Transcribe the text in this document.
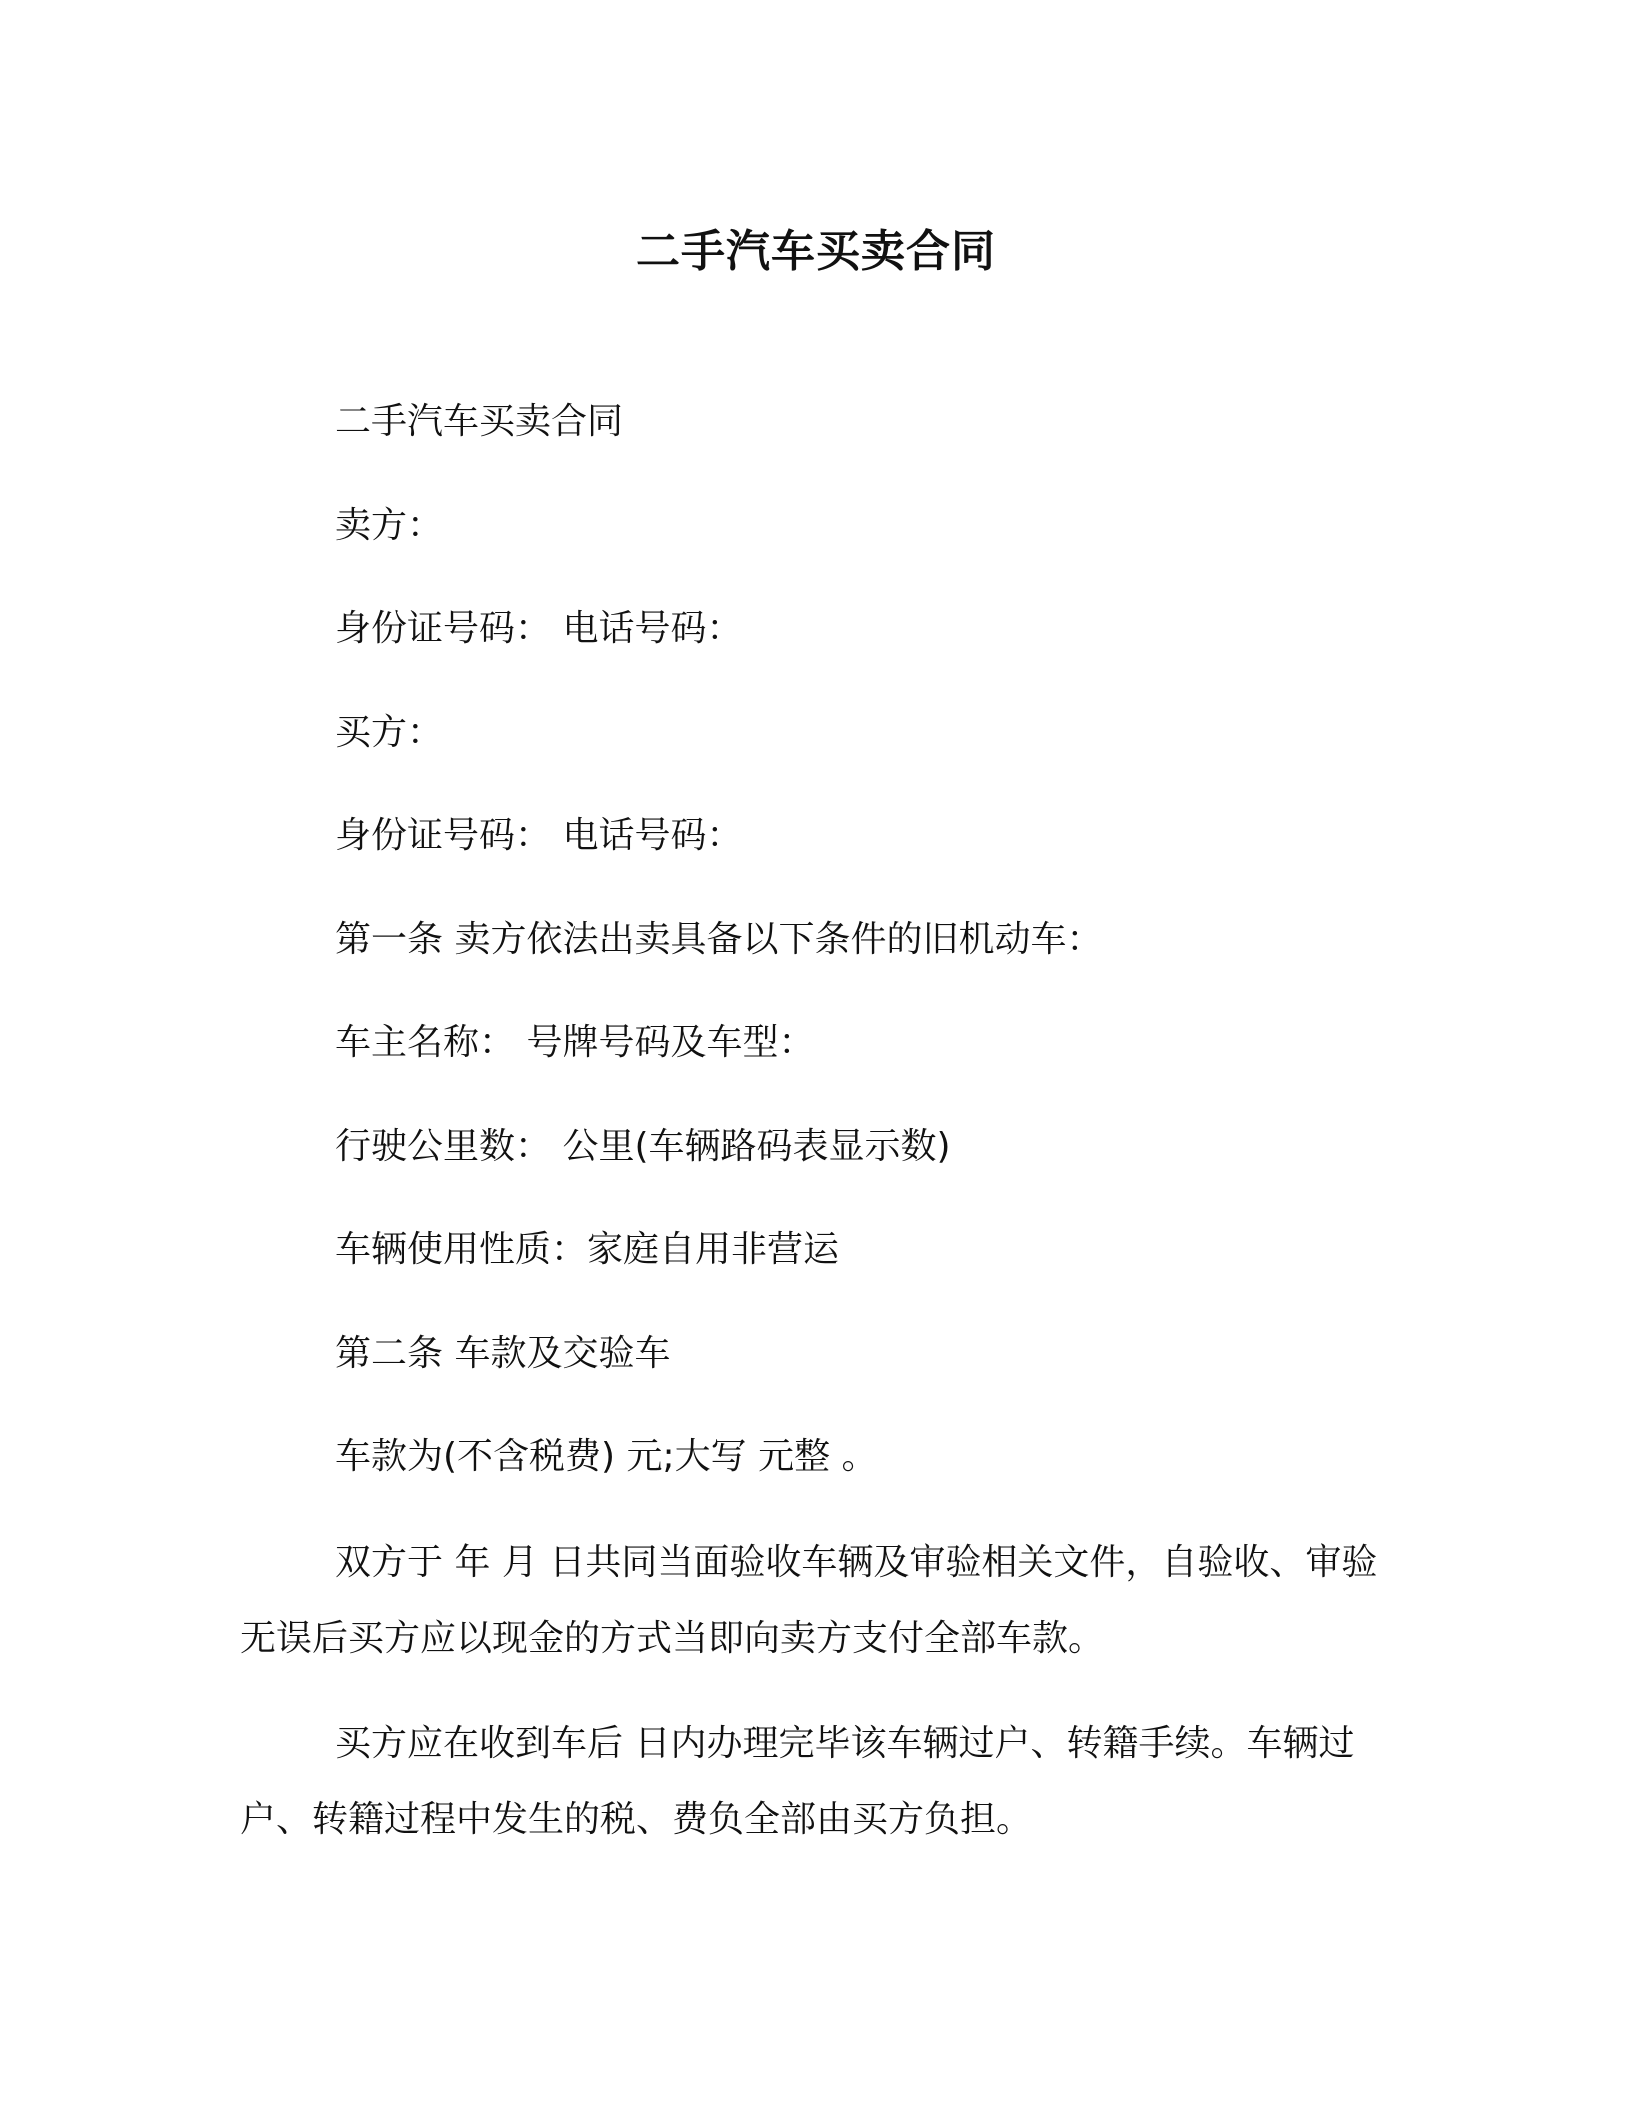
二手汽车买卖合同
二手汽车买卖合同
卖方：
身份证号码： 电话号码：
买方：
身份证号码： 电话号码：
第一条 卖方依法出卖具备以下条件的旧机动车：
车主名称： 号牌号码及车型：
行驶公里数： 公里(车辆路码表显示数)
车辆使用性质：家庭自用非营运
第二条 车款及交验车
车款为(不含税费) 元;大写 元整 。
双方于 年 月 日共同当面验收车辆及审验相关文件，自验收、审验无误后买方应以现金的方式当即向卖方支付全部车款。
买方应在收到车后 日内办理完毕该车辆过户、转籍手续。车辆过户、转籍过程中发生的税、费负全部由买方负担。
